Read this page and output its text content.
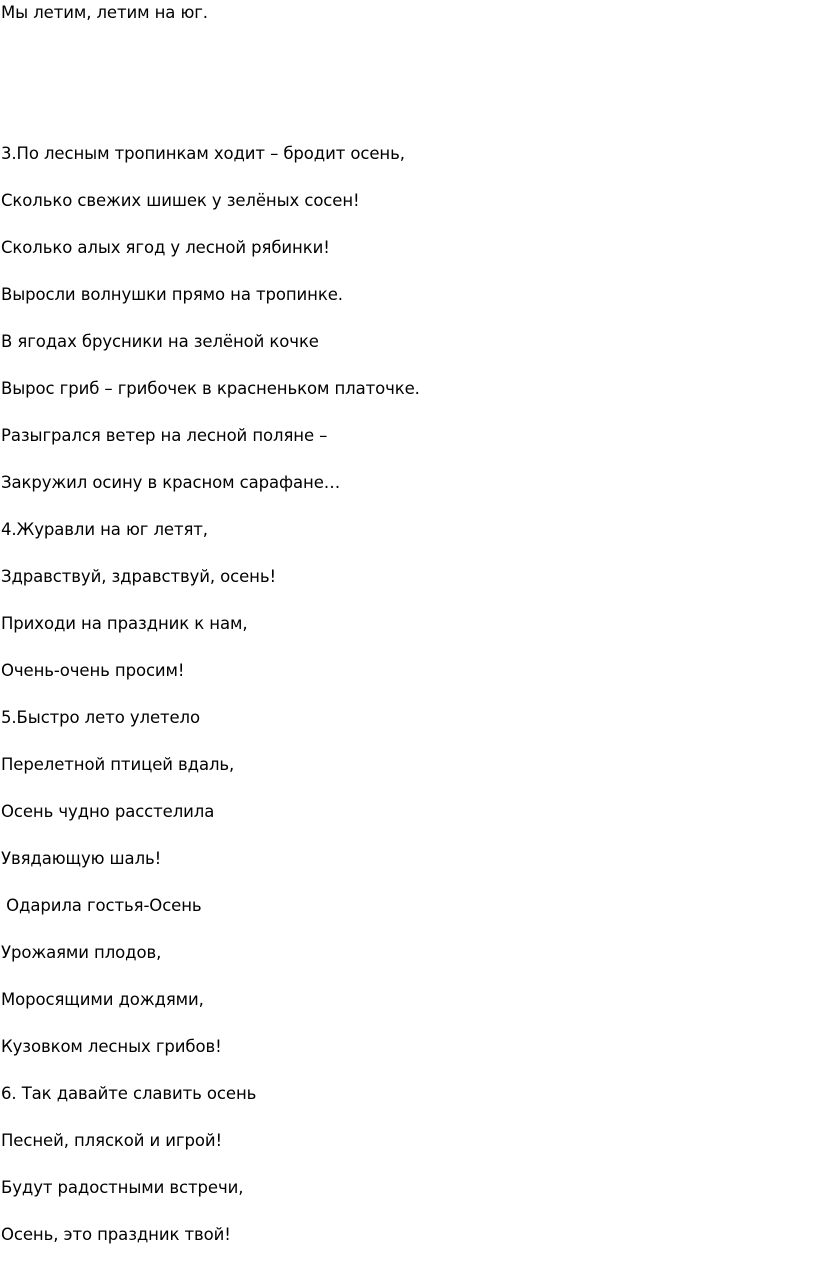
Мы летим, летим на юг.

3.По лесным тропинкам ходит – бродит осень,

Сколько свежих шишек у зелёных сосен!

Сколько алых ягод у лесной рябинки!

Выросли волнушки прямо на тропинке.

В ягодах брусники на зелёной кочке

Вырос гриб – грибочек в красненьком платочке.

Разыгрался ветер на лесной поляне –

Закружил осину в красном сарафане…

4.Журавли на юг летят,

Здравствуй, здравствуй, осень!

Приходи на праздник к нам,

Очень-очень просим!

5.Быстро лето улетело

Перелетной птицей вдаль,

Осень чудно расстелила

Увядающую шаль!

Одарила гостья-Осень

Урожаями плодов,

Моросящими дождями,

Кузовком лесных грибов!

6. Так давайте славить осень

Песней, пляской и игрой!

Будут радостными встречи,

Осень, это праздник твой!
